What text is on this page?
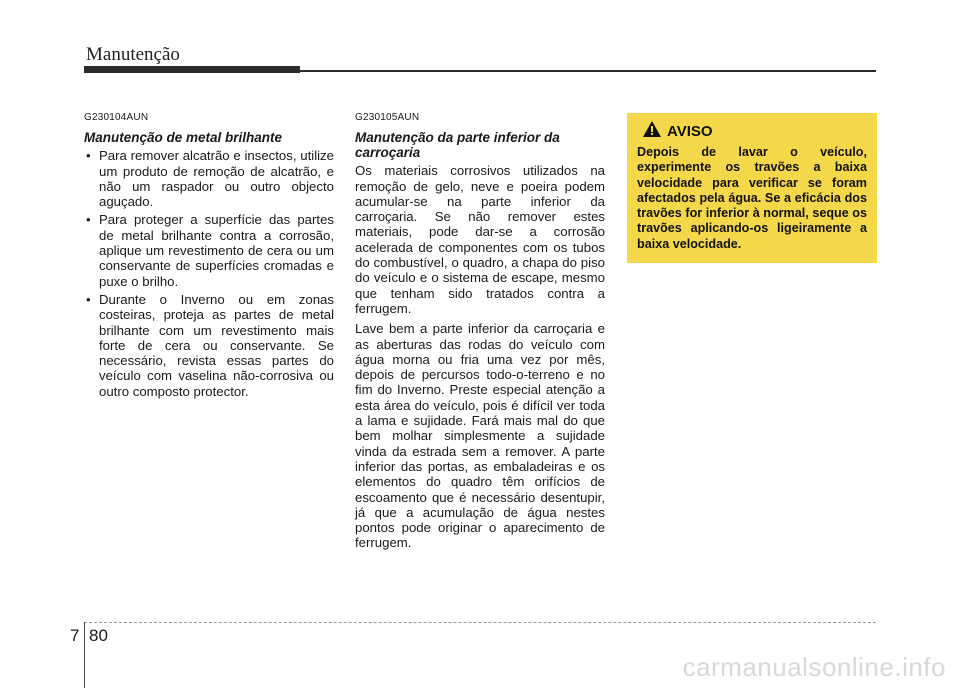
Manutenção
G230104AUN
Manutenção de metal brilhante
• Para remover alcatrão e insectos, utilize um produto de remoção de alcatrão, e não um raspador ou outro objecto aguçado.
• Para proteger a superfície das partes de metal brilhante contra a corrosão, aplique um revestimento de cera ou um conservante de superfícies cromadas e puxe o brilho.
• Durante o Inverno ou em zonas costeiras, proteja as partes de metal brilhante com um revestimento mais forte de cera ou conservante. Se necessário, revista essas partes do veículo com vaselina não-corrosiva ou outro composto protector.
G230105AUN
Manutenção da parte inferior da carroçaria

Os materiais corrosivos utilizados na remoção de gelo, neve e poeira podem acumular-se na parte inferior da carroçaria. Se não remover estes materiais, pode dar-se a corrosão acelerada de componentes com os tubos do combustível, o quadro, a chapa do piso do veículo e o sistema de escape, mesmo que tenham sido tratados contra a ferrugem.

Lave bem a parte inferior da carroçaria e as aberturas das rodas do veículo com água morna ou fria uma vez por mês, depois de percursos todo-o-terreno e no fim do Inverno. Preste especial atenção a esta área do veículo, pois é difícil ver toda a lama e sujidade. Fará mais mal do que bem molhar simplesmente a sujidade vinda da estrada sem a remover. A parte inferior das portas, as embaladeiras e os elementos do quadro têm orifícios de escoamento que é necessário desentupir, já que a acumulação de água nestes pontos pode originar o aparecimento de ferrugem.

AVISO
Depois de lavar o veículo, experimente os travões a baixa velocidade para verificar se foram afectados pela água. Se a eficácia dos travões for inferior à normal, seque os travões aplicando-os ligeiramente a baixa velocidade.
7 80
carmanualsonline.info
